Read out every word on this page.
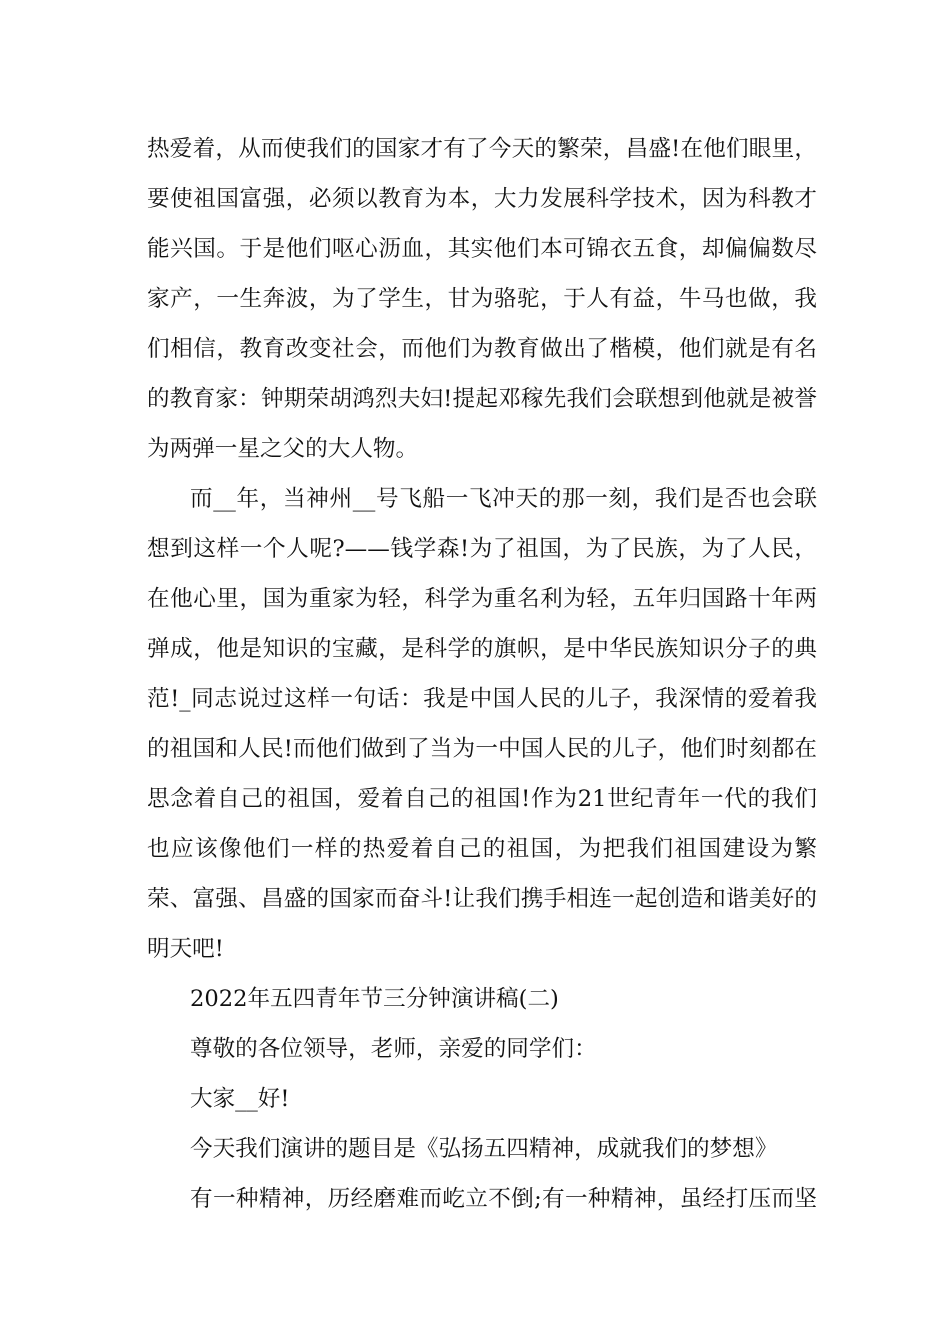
热爱着，从而使我们的国家才有了今天的繁荣，昌盛!在他们眼里，
要使祖国富强，必须以教育为本，大力发展科学技术，因为科教才
能兴国。于是他们呕心沥血，其实他们本可锦衣五食，却偏偏数尽
家产，一生奔波，为了学生，甘为骆驼，于人有益，牛马也做，我
们相信，教育改变社会，而他们为教育做出了楷模，他们就是有名
的教育家：钟期荣胡鸿烈夫妇!提起邓稼先我们会联想到他就是被誉
为两弹一星之父的大人物。
而__年，当神州__号飞船一飞冲天的那一刻，我们是否也会联
想到这样一个人呢?——钱学森!为了祖国，为了民族，为了人民，
在他心里，国为重家为轻，科学为重名利为轻，五年归国路十年两
弹成，他是知识的宝藏，是科学的旗帜，是中华民族知识分子的典
范!_同志说过这样一句话：我是中国人民的儿子，我深情的爱着我
的祖国和人民!而他们做到了当为一中国人民的儿子，他们时刻都在
思念着自己的祖国，爱着自己的祖国!作为21世纪青年一代的我们
也应该像他们一样的热爱着自己的祖国，为把我们祖国建设为繁
荣、富强、昌盛的国家而奋斗!让我们携手相连一起创造和谐美好的
明天吧!
2022年五四青年节三分钟演讲稿(二)
尊敬的各位领导，老师，亲爱的同学们：
大家__好!
今天我们演讲的题目是《弘扬五四精神，成就我们的梦想》
有一种精神，历经磨难而屹立不倒;有一种精神，虽经打压而坚
